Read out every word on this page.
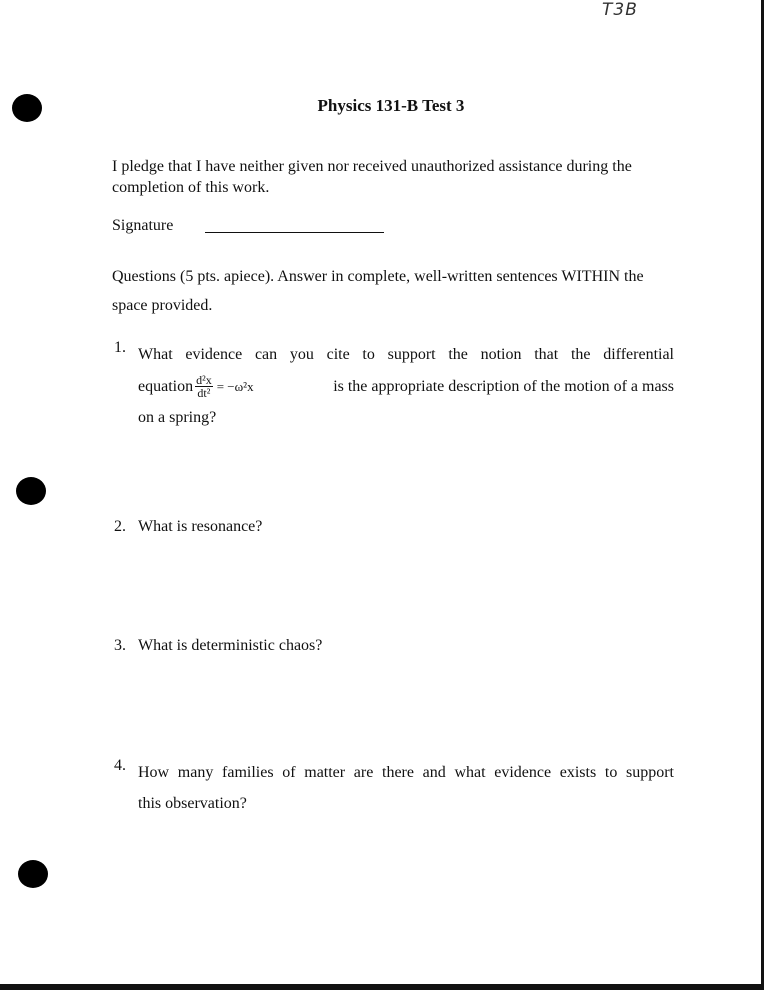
T3B
Physics 131-B Test 3
I pledge that I have neither given nor received unauthorized assistance during the completion of this work.
Signature
Questions (5 pts. apiece). Answer in complete, well-written sentences WITHIN the space provided.
1. What evidence can you cite to support the notion that the differential
equation $\frac{\text{d²x}}{\text{dt²}} = -\omega^2x$	is the appropriate description of the motion of a mass
on a spring?
2. What is resonance?
3. What is deterministic chaos?
4. How many families of matter are there and what evidence exists to support
this observation?
